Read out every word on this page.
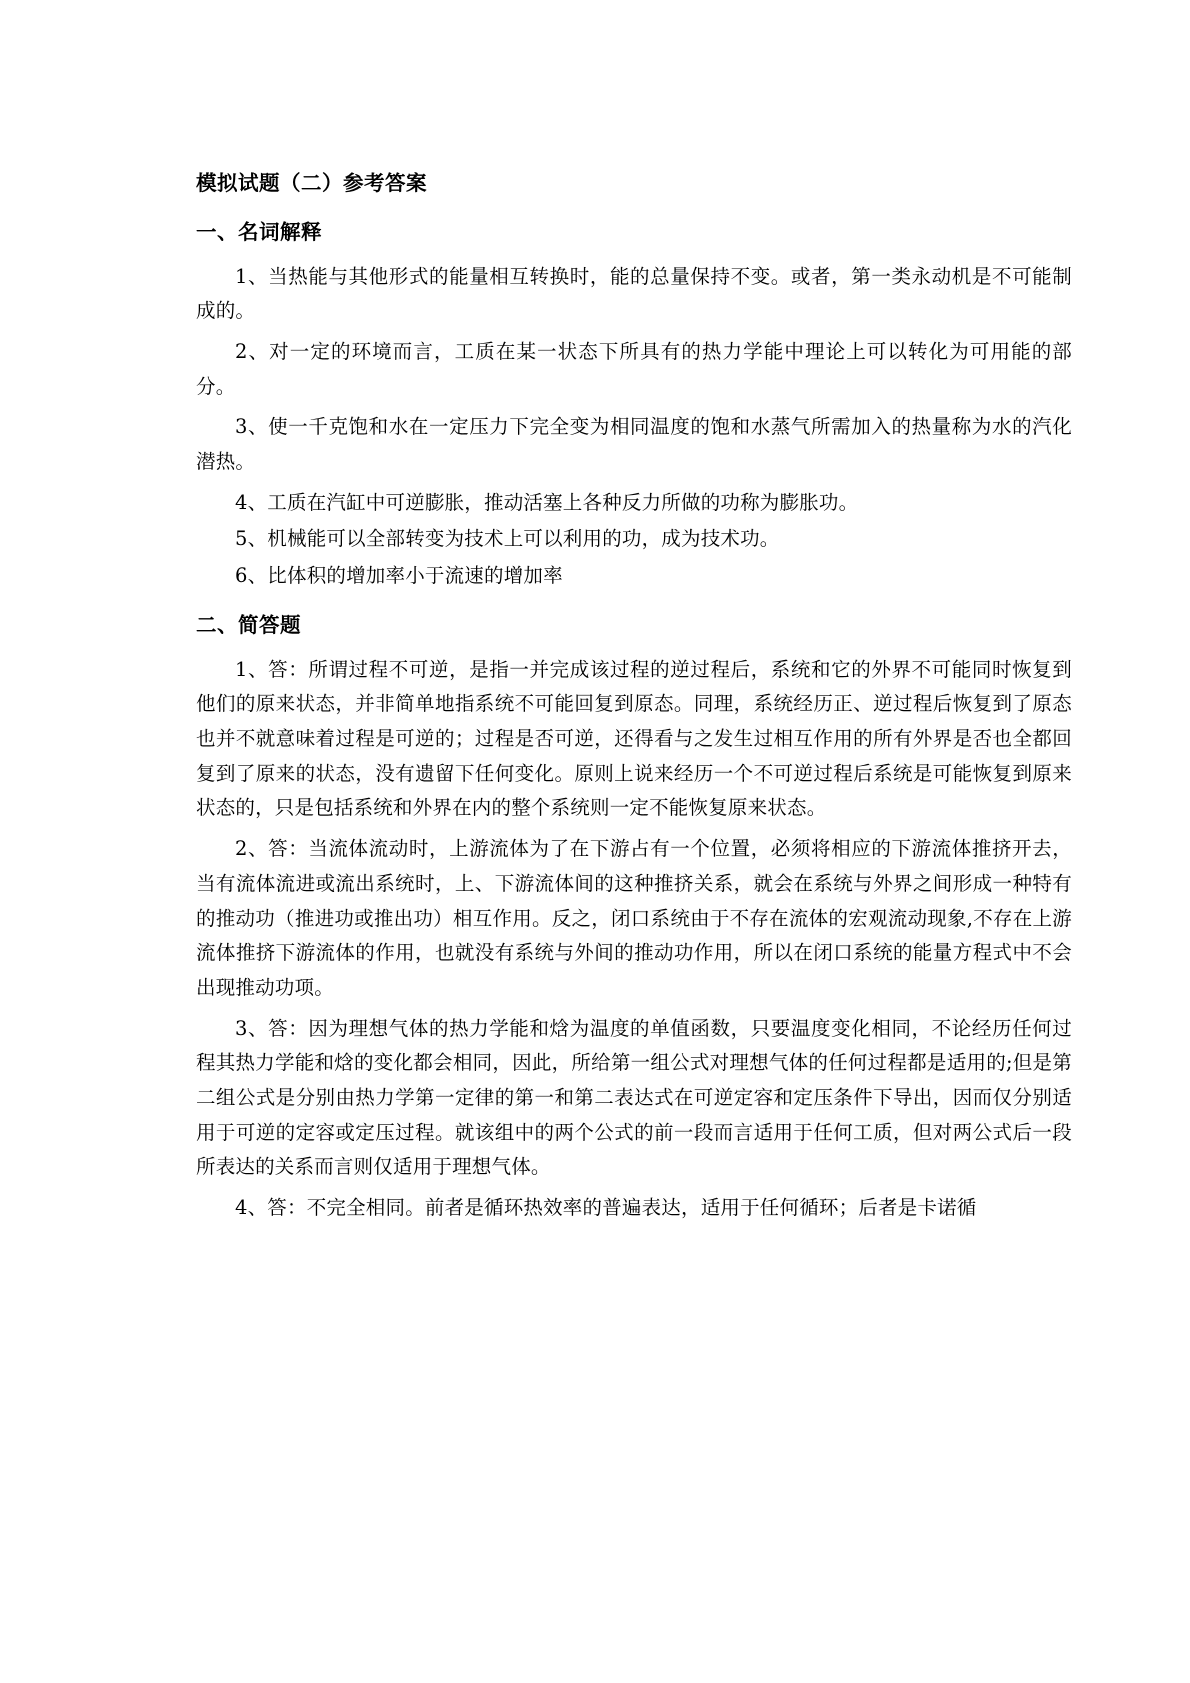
模拟试题（二）参考答案
一、名词解释

1、当热能与其他形式的能量相互转换时，能的总量保持不变。或者，第一类永动机是不可能制成的。

2、对一定的环境而言，工质在某一状态下所具有的热力学能中理论上可以转化为可用能的部分。

3、使一千克饱和水在一定压力下完全变为相同温度的饱和水蒸气所需加入的热量称为水的汽化潜热。

4、工质在汽缸中可逆膨胀，推动活塞上各种反力所做的功称为膨胀功。

5、机械能可以全部转变为技术上可以利用的功，成为技术功。

6、比体积的增加率小于流速的增加率

二、简答题

1、答：所谓过程不可逆，是指一并完成该过程的逆过程后，系统和它的外界不可能同时恢复到他们的原来状态，并非简单地指系统不可能回复到原态。同理，系统经历正、逆过程后恢复到了原态也并不就意味着过程是可逆的；过程是否可逆，还得看与之发生过相互作用的所有外界是否也全都回复到了原来的状态，没有遗留下任何变化。原则上说来经历一个不可逆过程后系统是可能恢复到原来状态的，只是包括系统和外界在内的整个系统则一定不能恢复原来状态。

2、答：当流体流动时，上游流体为了在下游占有一个位置，必须将相应的下游流体推挤开去，当有流体流进或流出系统时，上、下游流体间的这种推挤关系，就会在系统与外界之间形成一种特有的推动功（推进功或推出功）相互作用。反之，闭口系统由于不存在流体的宏观流动现象,不存在上游流体推挤下游流体的作用，也就没有系统与外间的推动功作用，所以在闭口系统的能量方程式中不会出现推动功项。

3、答：因为理想气体的热力学能和焓为温度的单值函数，只要温度变化相同，不论经历任何过程其热力学能和焓的变化都会相同，因此，所给第一组公式对理想气体的任何过程都是适用的;但是第二组公式是分别由热力学第一定律的第一和第二表达式在可逆定容和定压条件下导出，因而仅分别适用于可逆的定容或定压过程。就该组中的两个公式的前一段而言适用于任何工质，但对两公式后一段所表达的关系而言则仅适用于理想气体。

4、答：不完全相同。前者是循环热效率的普遍表达，适用于任何循环；后者是卡诺循
